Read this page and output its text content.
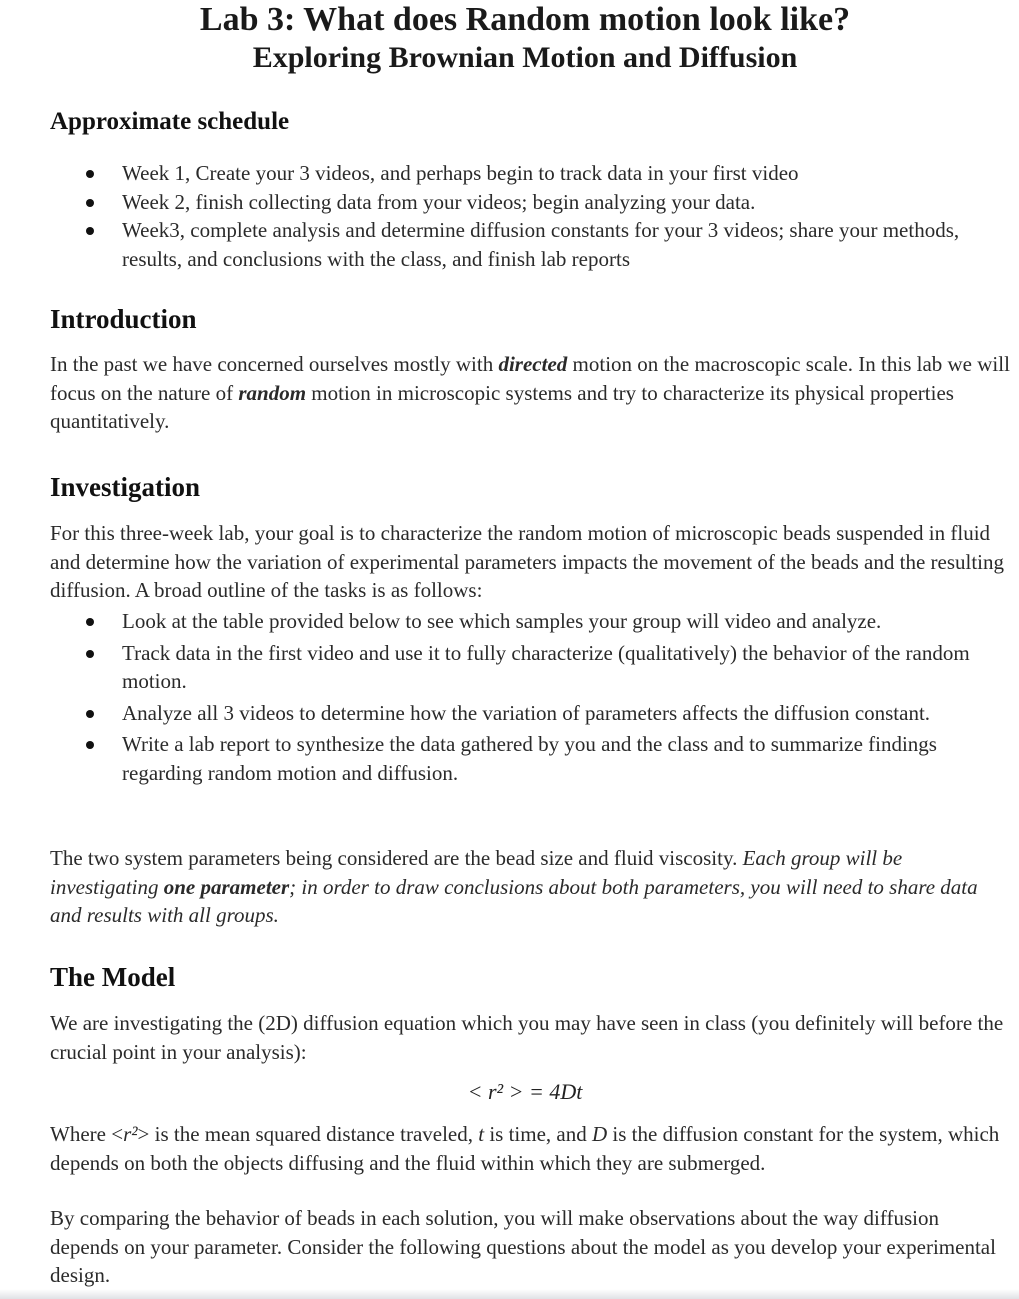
Lab 3: What does Random motion look like?
Exploring Brownian Motion and Diffusion
Approximate schedule
Week 1, Create your 3 videos, and perhaps begin to track data in your first video
Week 2, finish collecting data from your videos; begin analyzing your data.
Week3, complete analysis and determine diffusion constants for your 3 videos; share your methods, results, and conclusions with the class, and finish lab reports
Introduction

In the past we have concerned ourselves mostly with directed motion on the macroscopic scale. In this lab we will focus on the nature of random motion in microscopic systems and try to characterize its physical properties quantitatively.

Investigation

For this three-week lab, your goal is to characterize the random motion of microscopic beads suspended in fluid and determine how the variation of experimental parameters impacts the movement of the beads and the resulting diffusion. A broad outline of the tasks is as follows:

Look at the table provided below to see which samples your group will video and analyze.
Track data in the first video and use it to fully characterize (qualitatively) the behavior of the random motion.
Analyze all 3 videos to determine how the variation of parameters affects the diffusion constant.
Write a lab report to synthesize the data gathered by you and the class and to summarize findings regarding random motion and diffusion.

The two system parameters being considered are the bead size and fluid viscosity. Each group will be investigating one parameter; in order to draw conclusions about both parameters, you will need to share data and results with all groups.

The Model

We are investigating the (2D) diffusion equation which you may have seen in class (you definitely will before the crucial point in your analysis):

< r² > = 4Dt

Where <r²> is the mean squared distance traveled, t is time, and D is the diffusion constant for the system, which depends on both the objects diffusing and the fluid within which they are submerged.

By comparing the behavior of beads in each solution, you will make observations about the way diffusion depends on your parameter. Consider the following questions about the model as you develop your experimental design.
